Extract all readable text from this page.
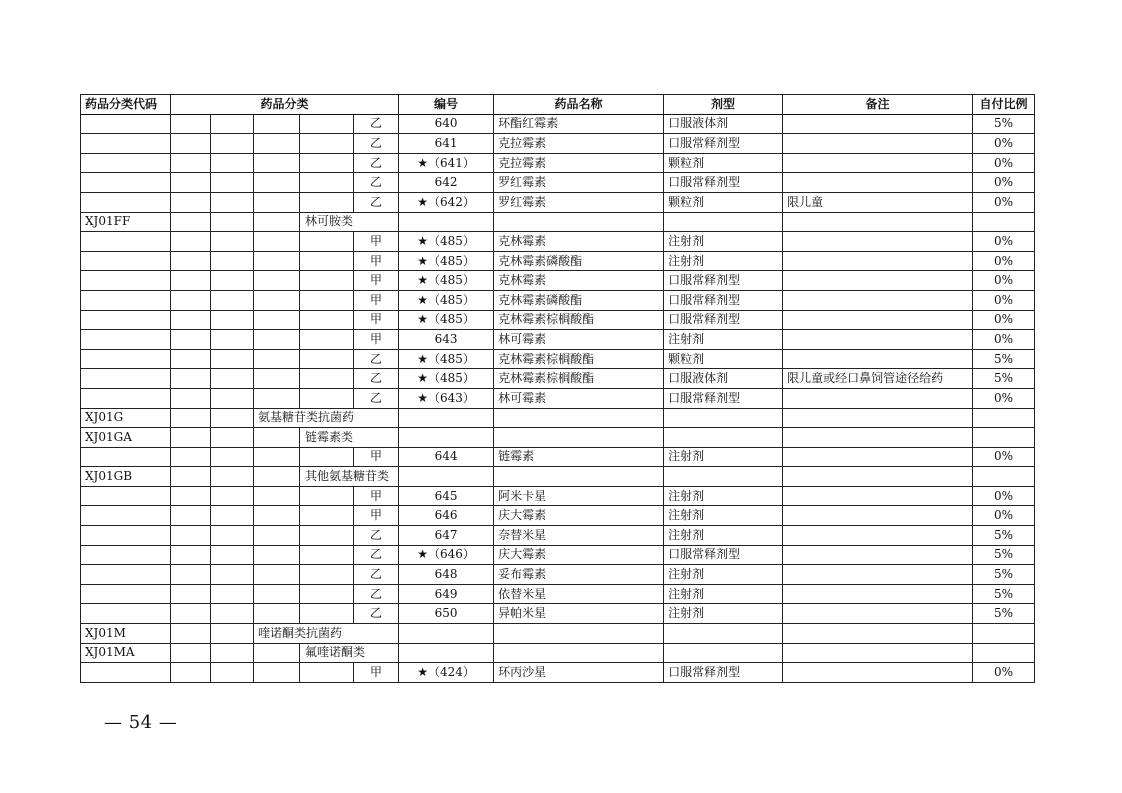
药品分类代码	药品分类					编号	药品名称	剂型	备注	自付比例
					乙	640	环酯红霉素	口服液体剂		5%
					乙	641	克拉霉素	口服常释剂型		0%
					乙	★（641）	克拉霉素	颗粒剂		0%
					乙	642	罗红霉素	口服常释剂型		0%
					乙	★（642）	罗红霉素	颗粒剂	限儿童	0%
XJ01FF				林可胺类						
					甲	★（485）	克林霉素	注射剂		0%
					甲	★（485）	克林霉素磷酸酯	注射剂		0%
					甲	★（485）	克林霉素	口服常释剂型		0%
					甲	★（485）	克林霉素磷酸酯	口服常释剂型		0%
					甲	★（485）	克林霉素棕榈酸酯	口服常释剂型		0%
					甲	643	林可霉素	注射剂		0%
					乙	★（485）	克林霉素棕榈酸酯	颗粒剂		5%
					乙	★（485）	克林霉素棕榈酸酯	口服液体剂	限儿童或经口鼻饲管途径给药	5%
					乙	★（643）	林可霉素	口服常释剂型		0%
XJ01G			氨基糖苷类抗菌药							
XJ01GA				链霉素类						
					甲	644	链霉素	注射剂		0%
XJ01GB				其他氨基糖苷类						
					甲	645	阿米卡星	注射剂		0%
					甲	646	庆大霉素	注射剂		0%
					乙	647	奈替米星	注射剂		5%
					乙	★（646）	庆大霉素	口服常释剂型		5%
					乙	648	妥布霉素	注射剂		5%
					乙	649	依替米星	注射剂		5%
					乙	650	异帕米星	注射剂		5%
XJ01M			喹诺酮类抗菌药							
XJ01MA				氟喹诺酮类						
					甲	★（424）	环丙沙星	口服常释剂型		0%
— 54 —
